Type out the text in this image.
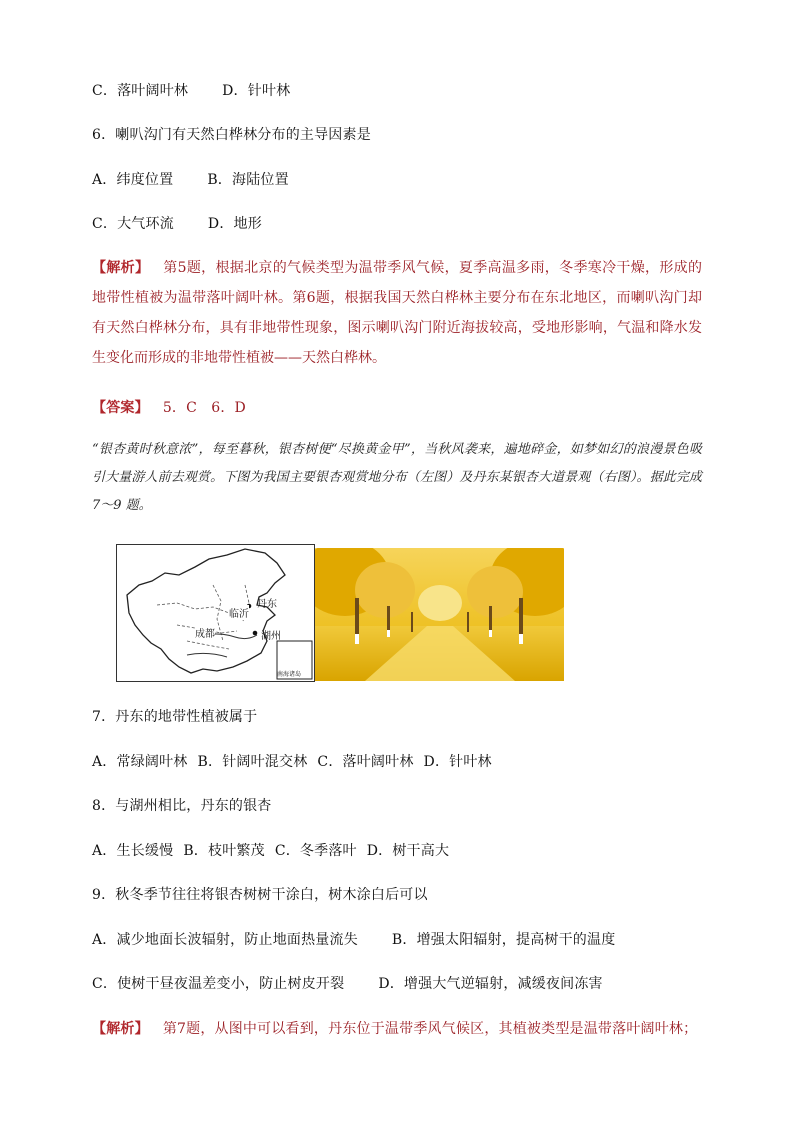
C．落叶阔叶林 D．针叶林
6．喇叭沟门有天然白桦林分布的主导因素是
A．纬度位置 B．海陆位置
C．大气环流 D．地形
【解析】 第5题，根据北京的气候类型为温带季风气候，夏季高温多雨，冬季寒冷干燥，形成的地带性植被为温带落叶阔叶林。第6题，根据我国天然白桦林主要分布在东北地区，而喇叭沟门却有天然白桦林分布，具有非地带性现象，图示喇叭沟门附近海拔较高，受地形影响，气温和降水发生变化而形成的非地带性植被——天然白桦林。
【答案】 5．C　6．D
“银杏黄时秋意浓”，每至暮秋，银杏树便“尽换黄金甲”，当秋风袭来，遍地碎金，如梦如幻的浪漫景色吸引大量游人前去观赏。下图为我国主要银杏观赏地分布（左图）及丹东某银杏大道景观（右图）。据此完成 7～9 题。
丹东
临沂
成都	湖州
南海诸岛
7．丹东的地带性植被属于
A．常绿阔叶林 B．针阔叶混交林 C．落叶阔叶林 D．针叶林
8．与湖州相比，丹东的银杏
A．生长缓慢 B．枝叶繁茂 C．冬季落叶 D．树干高大
9．秋冬季节往往将银杏树树干涂白，树木涂白后可以
A．减少地面长波辐射，防止地面热量流失 B．增强太阳辐射，提高树干的温度
C．使树干昼夜温差变小，防止树皮开裂 D．增强大气逆辐射，减缓夜间冻害
【解析】 第7题，从图中可以看到，丹东位于温带季风气候区，其植被类型是温带落叶阔叶林；
